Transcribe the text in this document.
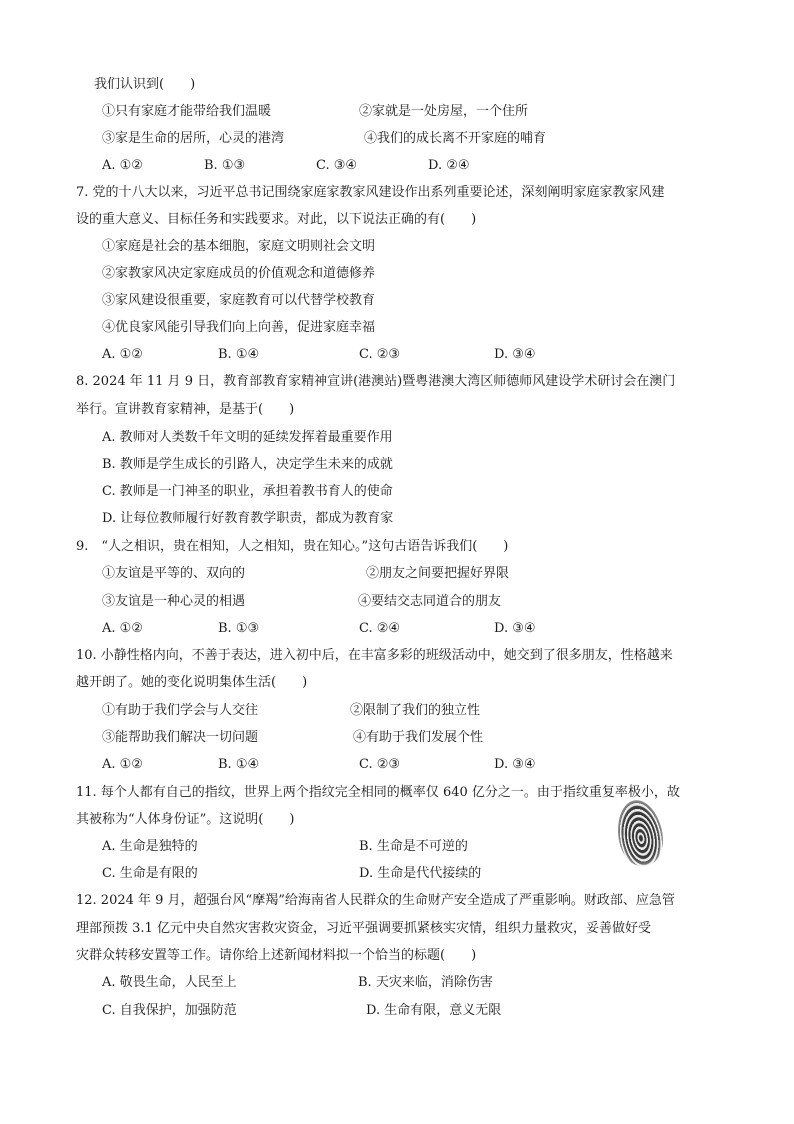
我们认识到(　　)
①只有家庭才能带给我们温暖	②家就是一处房屋，一个住所
③家是生命的居所，心灵的港湾	④我们的成长离不开家庭的哺育
A. ①②	B. ①③	C. ③④	D. ②④
7. 党的十八大以来，习近平总书记围绕家庭家教家风建设作出系列重要论述，深刻阐明家庭家教家风建
设的重大意义、目标任务和实践要求。对此，以下说法正确的有(　　)
①家庭是社会的基本细胞，家庭文明则社会文明
②家教家风决定家庭成员的价值观念和道德修养
③家风建设很重要，家庭教育可以代替学校教育
④优良家风能引导我们向上向善，促进家庭幸福
A. ①②	B. ①④	C. ②③	D. ③④
8. 2024 年 11 月 9 日，教育部教育家精神宣讲(港澳站)暨粤港澳大湾区师德师风建设学术研讨会在澳门
举行。宣讲教育家精神，是基于(　　)
A. 教师对人类数千年文明的延续发挥着最重要作用
B. 教师是学生成长的引路人，决定学生未来的成就
C. 教师是一门神圣的职业，承担着教书育人的使命
D. 让每位教师履行好教育教学职责，都成为教育家
9.　“人之相识，贵在相知，人之相知，贵在知心。”这句古语告诉我们(　　)
①友谊是平等的、双向的	②朋友之间要把握好界限
③友谊是一种心灵的相遇	④要结交志同道合的朋友
A. ①②	B. ①③	C. ②④	D. ③④
10. 小静性格内向，不善于表达，进入初中后，在丰富多彩的班级活动中，她交到了很多朋友，性格越来
越开朗了。她的变化说明集体生活(　　)
①有助于我们学会与人交往	②限制了我们的独立性
③能帮助我们解决一切问题	④有助于我们发展个性
A. ①②	B. ①④	C. ②③	D. ③④
11. 每个人都有自己的指纹，世界上两个指纹完全相同的概率仅 640 亿分之一。由于指纹重复率极小，故
其被称为“人体身份证”。这说明(　　)
A. 生命是独特的	B. 生命是不可逆的
C. 生命是有限的	D. 生命是代代接续的
12. 2024 年 9 月，超强台风“摩羯”给海南省人民群众的生命财产安全造成了严重影响。财政部、应急管
理部预拨 3.1 亿元中央自然灾害救灾资金，习近平强调要抓紧核实灾情，组织力量救灾，妥善做好受
灾群众转移安置等工作。请你给上述新闻材料拟一个恰当的标题(　　)
A. 敬畏生命，人民至上	B. 天灾来临，消除伤害
C. 自我保护，加强防范	D. 生命有限，意义无限
